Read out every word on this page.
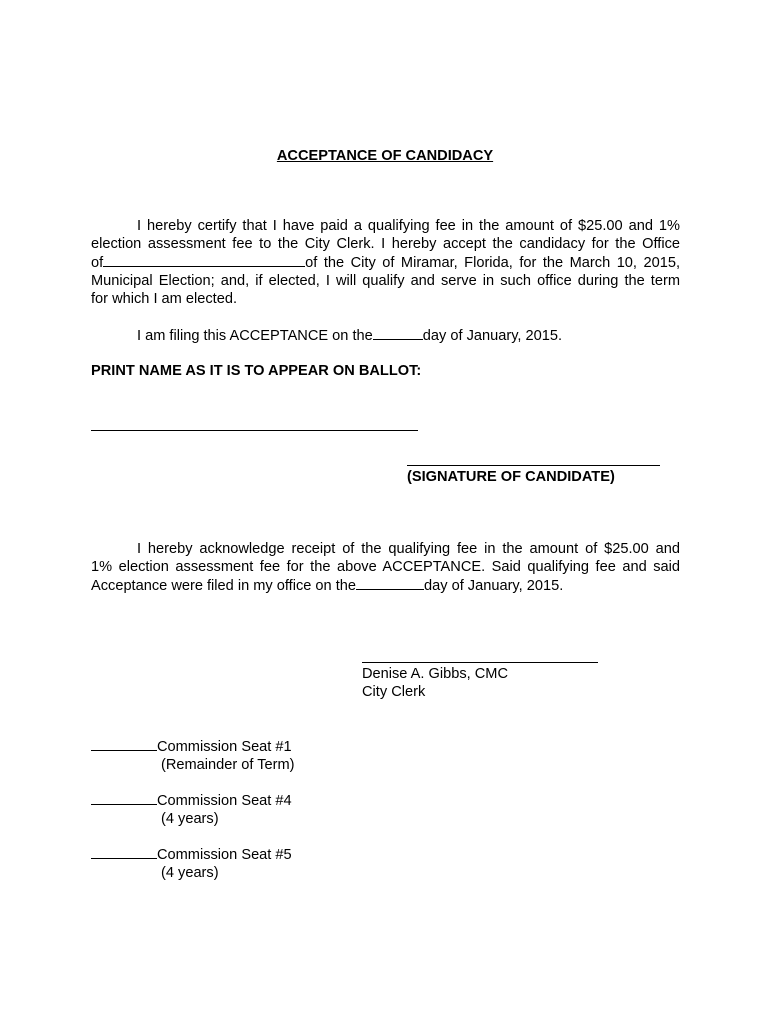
ACCEPTANCE OF CANDIDACY
I hereby certify that I have paid a qualifying fee in the amount of $25.00 and 1%
election assessment fee to the City Clerk. I hereby accept the candidacy for the Office
of	of the City of Miramar, Florida, for the March 10, 2015,
Municipal Election; and, if elected, I will qualify and serve in such office during the term
for which I am elected.
I am filing this ACCEPTANCE on the	day of January, 2015.
PRINT NAME AS IT IS TO APPEAR ON BALLOT:
(SIGNATURE OF CANDIDATE)
I hereby acknowledge receipt of the qualifying fee in the amount of $25.00 and
1% election assessment fee for the above ACCEPTANCE. Said qualifying fee and said
Acceptance were filed in my office on the	day of January, 2015.
Denise A. Gibbs, CMC
City Clerk
Commission Seat #1
(Remainder of Term)
Commission Seat #4
(4 years)
Commission Seat #5
(4 years)
